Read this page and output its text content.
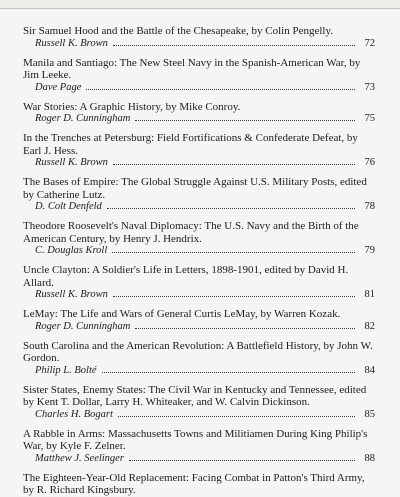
Sir Samuel Hood and the Battle of the Chesapeake, by Colin Pengelly.

Russell K. Brown	72

Manila and Santiago: The New Steel Navy in the Spanish-American War, by Jim Leeke.

Dave Page	73

War Stories: A Graphic History, by Mike Conroy.

Roger D. Cunningham	75

In the Trenches at Petersburg: Field Fortifications & Confederate Defeat, by Earl J. Hess.

Russell K. Brown	76

The Bases of Empire: The Global Struggle Against U.S. Military Posts, edited by Catherine Lutz.

D. Colt Denfeld	78

Theodore Roosevelt's Naval Diplomacy: The U.S. Navy and the Birth of the American Century, by Henry J. Hendrix.

C. Douglas Kroll	79

Uncle Clayton: A Soldier's Life in Letters, 1898-1901, edited by David H. Allard.

Russell K. Brown	81

LeMay: The Life and Wars of General Curtis LeMay, by Warren Kozak.

Roger D. Cunningham	82

South Carolina and the American Revolution: A Battlefield History, by John W. Gordon.

Philip L. Bolté	84

Sister States, Enemy States: The Civil War in Kentucky and Tennessee, edited by Kent T. Dollar, Larry H. Whiteaker, and W. Calvin Dickinson.

Charles H. Bogart	85

A Rabble in Arms: Massachusetts Towns and Militiamen During King Philip's War, by Kyle F. Zelner.

Matthew J. Seelinger	88

The Eighteen-Year-Old Replacement: Facing Combat in Patton's Third Army, by R. Richard Kingsbury.
